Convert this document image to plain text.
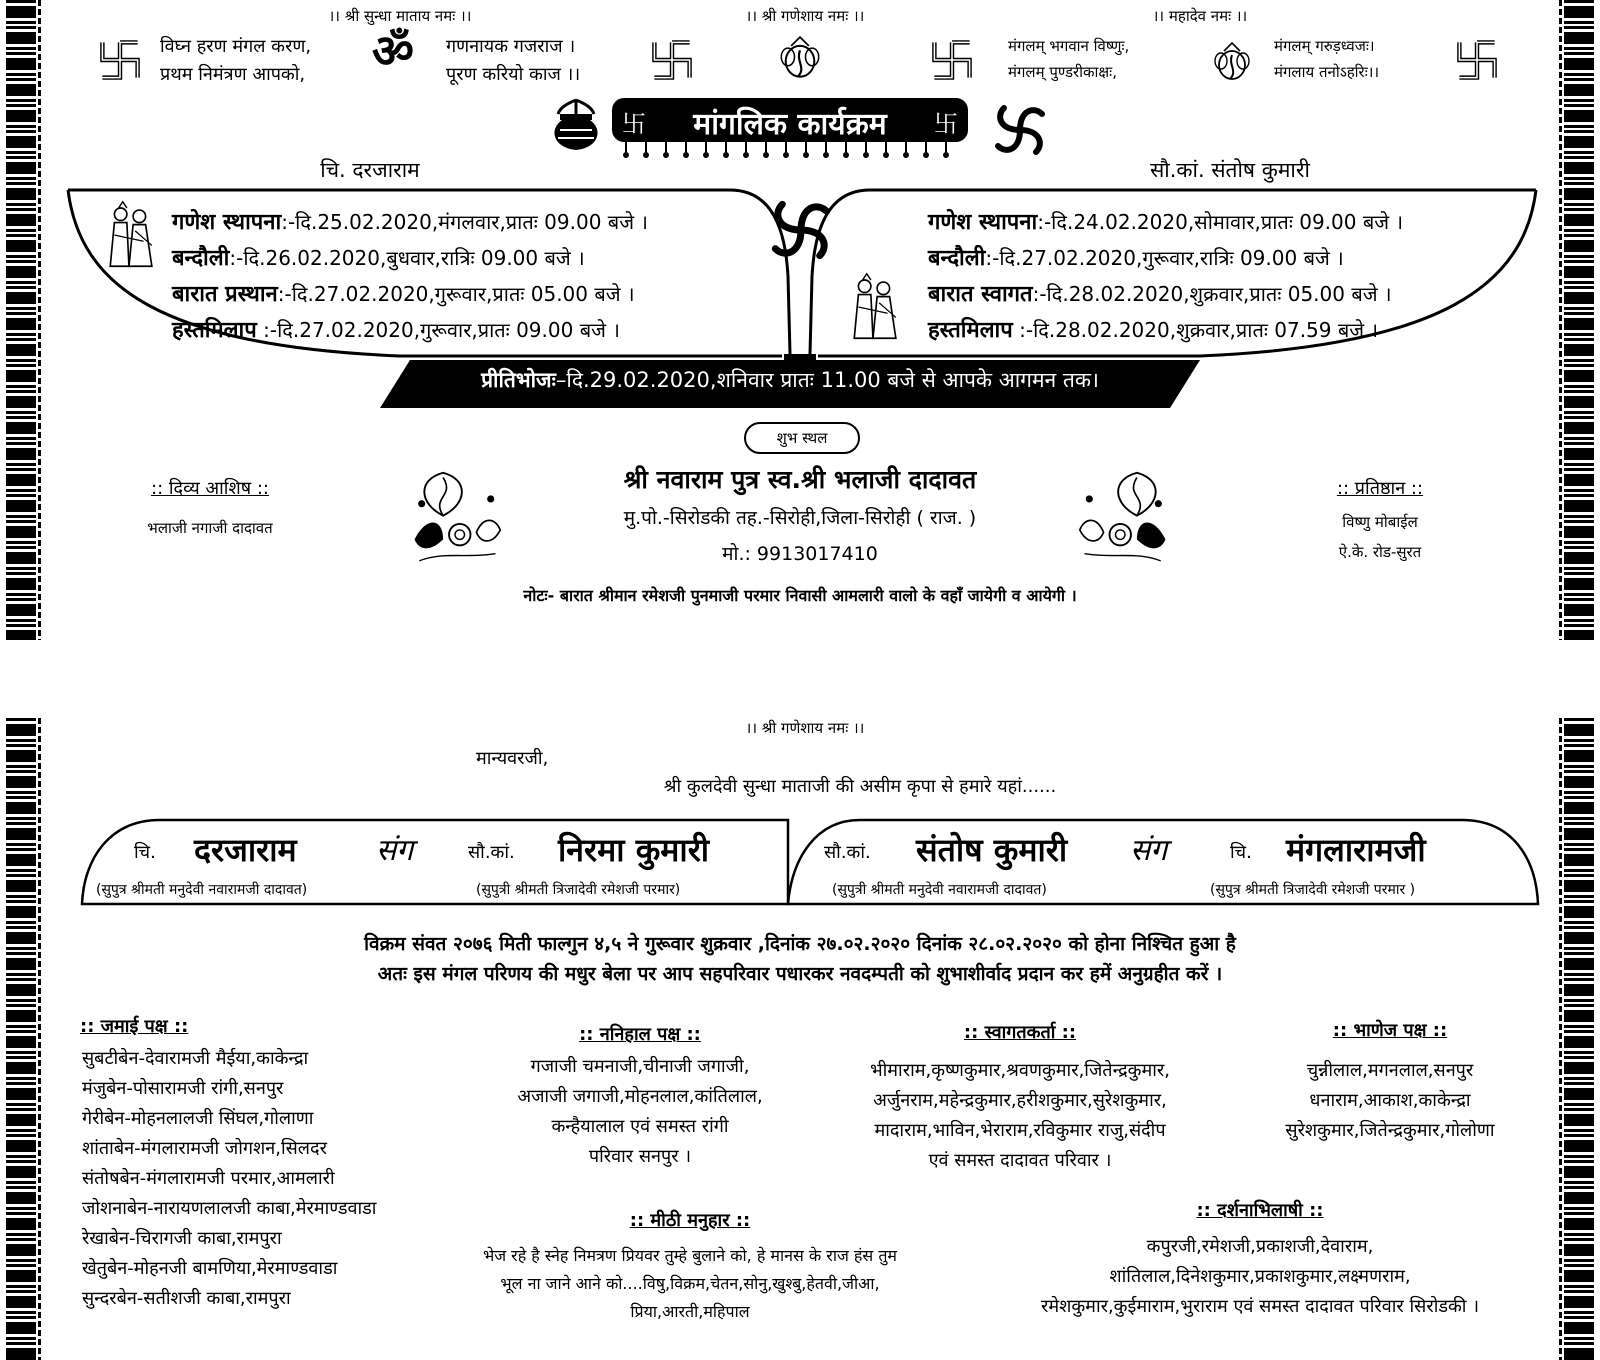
।। श्री सुन्धा माताय नमः ।।	।। श्री गणेशाय नमः ।।	।। महादेव नमः ।।
विघ्न हरण मंगल करण,
प्रथम निमंत्रण आपको, ॐ गणनायक गजराज ।
पूरण करियो काज ।।
मंगलम् भगवान विष्णुः,
मंगलम् पुण्डरीकाक्षः,
मंगलम् गरुड़ध्वजः।
मंगलाय तनोऽहरिः।।
卐	मांगलिक कार्यक्रम	卐
चि. दरजाराम	सौ.कां. संतोष कुमारी
गणेश स्थापना:-दि.25.02.2020,मंगलवार,प्रातः 09.00 बजे ।
बन्दौली:-दि.26.02.2020,बुधवार,रात्रिः 09.00 बजे ।
बारात प्रस्थान:-दि.27.02.2020,गुरूवार,प्रातः 05.00 बजे ।
हस्तमिलाप :-दि.27.02.2020,गुरूवार,प्रातः 09.00 बजे ।
गणेश स्थापना:-दि.24.02.2020,सोमावार,प्रातः 09.00 बजे ।
बन्दौली:-दि.27.02.2020,गुरूवार,रात्रिः 09.00 बजे ।
बारात स्वागत:-दि.28.02.2020,शुक्रवार,प्रातः 05.00 बजे ।
हस्तमिलाप :-दि.28.02.2020,शुक्रवार,प्रातः 07.59 बजे ।
प्रीतिभोजः–दि.29.02.2020,शनिवार प्रातः 11.00 बजे से आपके आगमन तक।
शुभ स्थल
श्री नवाराम पुत्र स्व.श्री भलाजी दादावत
मु.पो.-सिरोडकी तह.-सिरोही,जिला-सिरोही ( राज. )
मो.: 9913017410
:: दिव्य आशिष ::
भलाजी नगाजी दादावत
:: प्रतिष्ठान ::
विष्णु मोबाईल
ऐ.के. रोड-सुरत
नोटः- बारात श्रीमान रमेशजी पुनमाजी परमार निवासी आमलारी वालो के वहाँ जायेगी व आयेगी ।
।। श्री गणेशाय नमः ।।
मान्यवरजी,
श्री कुलदेवी सुन्धा माताजी की असीम कृपा से हमारे यहां......
चि. दरजाराम	संग	सौ.कां. निरमा कुमारी
(सुपुत्र श्रीमती मनुदेवी नवारामजी दादावत)	(सुपुत्री श्रीमती त्रिजादेवी रमेशजी परमार)
सौ.कां. संतोष कुमारी संग	चि. मंगलारामजी
(सुपुत्री श्रीमती मनुदेवी नवारामजी दादावत)	(सुपुत्र श्रीमती त्रिजादेवी रमेशजी परमार )
विक्रम संवत २०७६ मिती फाल्गुन ४,५ ने गुरूवार शुक्रवार ,दिनांक २७.०२.२०२० दिनांक २८.०२.२०२० को होना निश्चित हुआ है
अतः इस मंगल परिणय की मधुर बेला पर आप सहपरिवार पधारकर नवदम्पती को शुभाशीर्वाद प्रदान कर हमें अनुग्रहीत करें ।
:: जमाई पक्ष ::
सुबटीबेन-देवारामजी मैईया,काकेन्द्रा
मंजुबेन-पोसारामजी रांगी,सनपुर
गेरीबेन-मोहनलालजी सिंघल,गोलाणा
शांताबेन-मंगलारामजी जोगशन,सिलदर
संतोषबेन-मंगलारामजी परमार,आमलारी
जोशनाबेन-नारायणलालजी काबा,मेरमाण्डवाडा
रेखाबेन-चिरागजी काबा,रामपुरा
खेतुबेन-मोहनजी बामणिया,मेरमाण्डवाडा
सुन्दरबेन-सतीशजी काबा,रामपुरा
:: ननिहाल पक्ष ::
गजाजी चमनाजी,चीनाजी जगाजी,
अजाजी जगाजी,मोहनलाल,कांतिलाल,
कन्हैयालाल एवं समस्त रांगी
परिवार सनपुर ।
:: स्वागतकर्ता ::
भीमाराम,कृष्णकुमार,श्रवणकुमार,जितेन्द्रकुमार,
अर्जुनराम,महेन्द्रकुमार,हरीशकुमार,सुरेशकुमार,
मादाराम,भाविन,भेराराम,रविकुमार राजु,संदीप
एवं समस्त दादावत परिवार ।
:: भाणेज पक्ष ::
चुन्नीलाल,मगनलाल,सनपुर
धनाराम,आकाश,काकेन्द्रा
सुरेशकुमार,जितेन्द्रकुमार,गोलोणा
:: मीठी मनुहार ::
भेज रहे है स्नेह निमत्रण प्रियवर तुम्हे बुलाने को, हे मानस के राज हंस तुम
भूल ना जाने आने को....विषु,विक्रम,चेतन,सोनु,खुश्बु,हेतवी,जीआ,
प्रिया,आरती,महिपाल
:: दर्शनाभिलाषी ::
कपुरजी,रमेशजी,प्रकाशजी,देवाराम,
शांतिलाल,दिनेशकुमार,प्रकाशकुमार,लक्ष्मणराम,
रमेशकुमार,कुईमाराम,भुराराम एवं समस्त दादावत परिवार सिरोडकी ।
